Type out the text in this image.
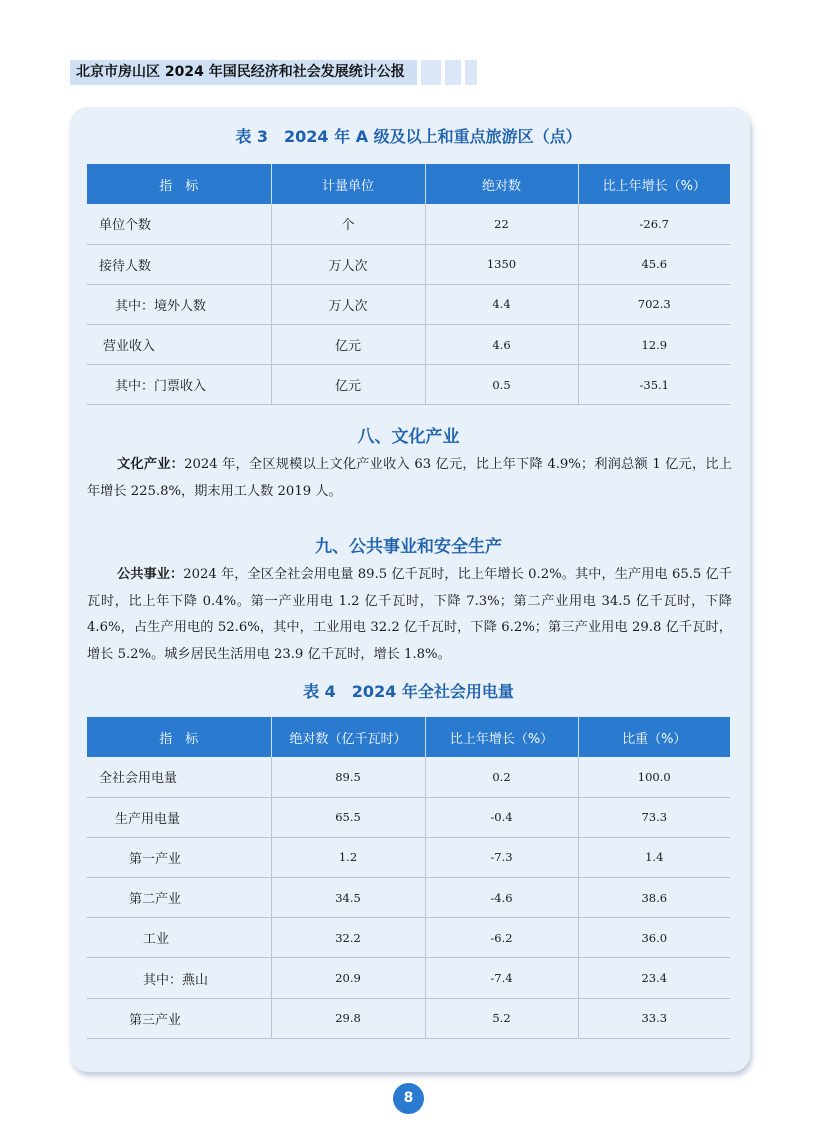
北京市房山区 2024 年国民经济和社会发展统计公报
表 3　2024 年 A 级及以上和重点旅游区（点）
指　标	计量单位	绝对数	比上年增长（%）
单位个数	个	22	-26.7
接待人数	万人次	1350	45.6
其中：境外人数	万人次	4.4	702.3
营业收入	亿元	4.6	12.9
其中：门票收入	亿元	0.5	-35.1
八、文化产业

文化产业：2024 年，全区规模以上文化产业收入 63 亿元，比上年下降 4.9%；利润总额 1 亿元，比上年增长 225.8%，期末用工人数 2019 人。

九、公共事业和安全生产

公共事业：2024 年，全区全社会用电量 89.5 亿千瓦时，比上年增长 0.2%。其中，生产用电 65.5 亿千瓦时，比上年下降 0.4%。第一产业用电 1.2 亿千瓦时，下降 7.3%；第二产业用电 34.5 亿千瓦时，下降 4.6%，占生产用电的 52.6%，其中，工业用电 32.2 亿千瓦时，下降 6.2%；第三产业用电 29.8 亿千瓦时，增长 5.2%。城乡居民生活用电 23.9 亿千瓦时，增长 1.8%。

表 4　2024 年全社会用电量
指　标	绝对数（亿千瓦时）	比上年增长（%）	比重（%）
全社会用电量	89.5	0.2	100.0
生产用电量	65.5	-0.4	73.3
第一产业	1.2	-7.3	1.4
第二产业	34.5	-4.6	38.6
工业	32.2	-6.2	36.0
其中：燕山	20.9	-7.4	23.4
第三产业	29.8	5.2	33.3
8
